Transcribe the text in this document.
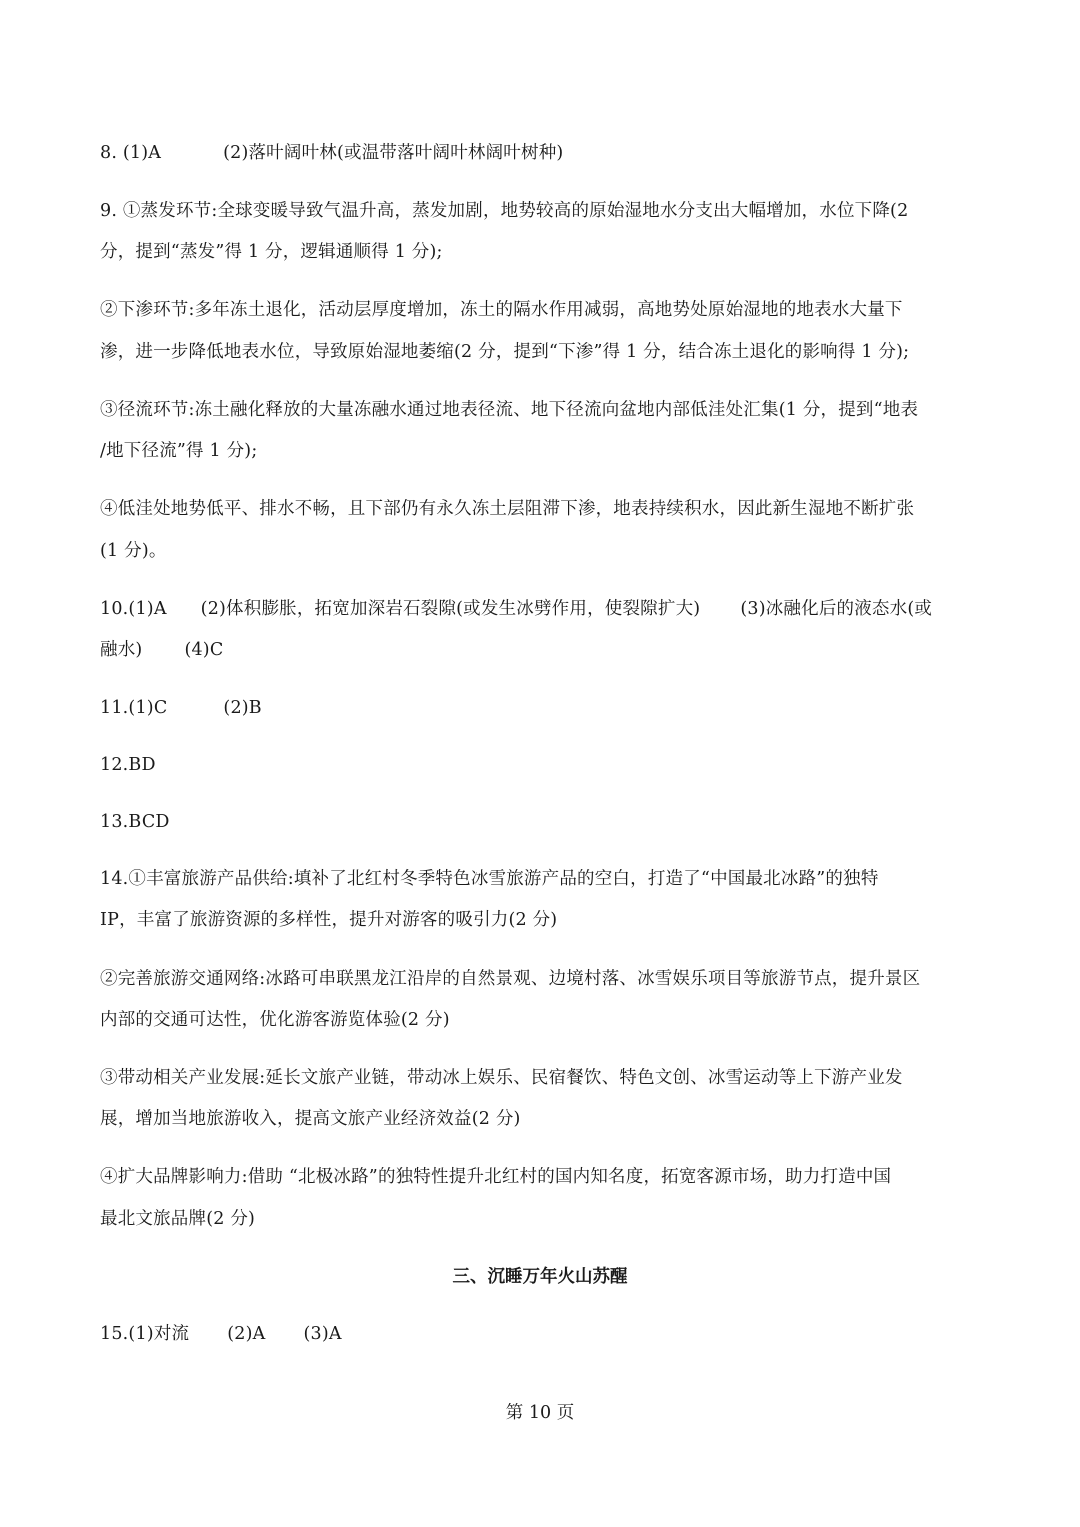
8. (1)A	(2)落叶阔叶林(或温带落叶阔叶林阔叶树种)
9. ①蒸发环节:全球变暖导致气温升高，蒸发加剧，地势较高的原始湿地水分支出大幅增加，水位下降(2
分，提到“蒸发”得 1 分，逻辑通顺得 1 分);
②下渗环节:多年冻土退化，活动层厚度增加，冻土的隔水作用减弱，高地势处原始湿地的地表水大量下
渗，进一步降低地表水位，导致原始湿地萎缩(2 分，提到“下渗”得 1 分，结合冻土退化的影响得 1 分);
③径流环节:冻土融化释放的大量冻融水通过地表径流、地下径流向盆地内部低洼处汇集(1 分，提到“地表
/地下径流”得 1 分);
④低洼处地势低平、排水不畅，且下部仍有永久冻土层阻滞下渗，地表持续积水，因此新生湿地不断扩张
(1 分)。
10.(1)A (2)体积膨胀，拓宽加深岩石裂隙(或发生冰劈作用，使裂隙扩大) (3)冰融化后的液态水(或
融水) (4)C
11.(1)C	(2)B
12.BD
13.BCD
14.①丰富旅游产品供给:填补了北红村冬季特色冰雪旅游产品的空白，打造了“中国最北冰路”的独特
IP，丰富了旅游资源的多样性，提升对游客的吸引力(2 分)
②完善旅游交通网络:冰路可串联黑龙江沿岸的自然景观、边境村落、冰雪娱乐项目等旅游节点，提升景区
内部的交通可达性，优化游客游览体验(2 分)
③带动相关产业发展:延长文旅产业链，带动冰上娱乐、民宿餐饮、特色文创、冰雪运动等上下游产业发
展，增加当地旅游收入，提高文旅产业经济效益(2 分)
④扩大品牌影响力:借助 “北极冰路”的独特性提升北红村的国内知名度，拓宽客源市场，助力打造中国
最北文旅品牌(2 分)
三、沉睡万年火山苏醒
15.(1)对流 (2)A (3)A
第 10 页
